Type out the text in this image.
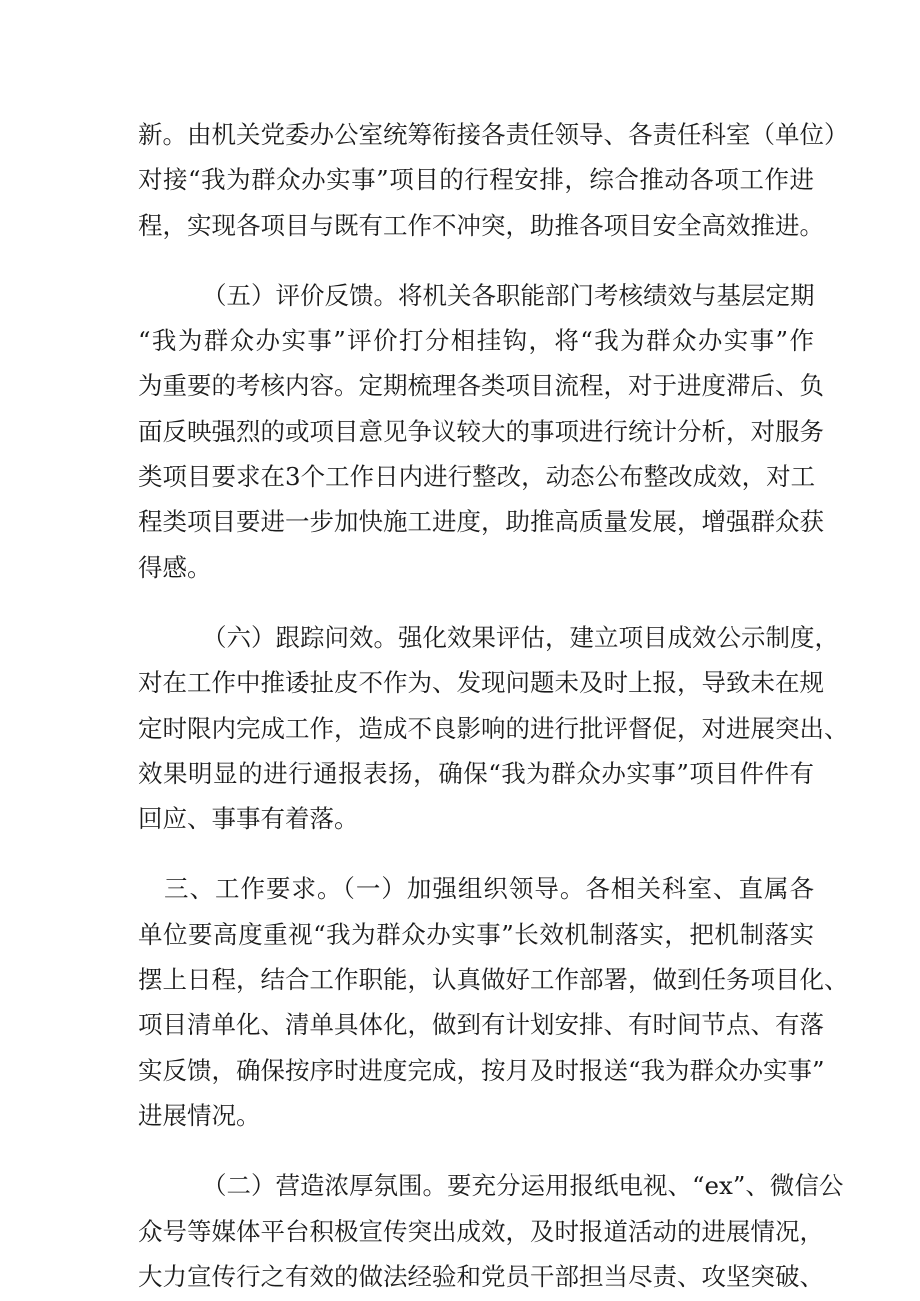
新。由机关党委办公室统筹衔接各责任领导、各责任科室（单位）
对接“我为群众办实事”项目的行程安排，综合推动各项工作进
程，实现各项目与既有工作不冲突，助推各项目安全高效推进。
（五）评价反馈。将机关各职能部门考核绩效与基层定期
“我为群众办实事”评价打分相挂钩，将“我为群众办实事”作
为重要的考核内容。定期梳理各类项目流程，对于进度滞后、负
面反映强烈的或项目意见争议较大的事项进行统计分析，对服务
类项目要求在3个工作日内进行整改，动态公布整改成效，对工
程类项目要进一步加快施工进度，助推高质量发展，增强群众获
得感。
（六）跟踪问效。强化效果评估，建立项目成效公示制度，
对在工作中推诿扯皮不作为、发现问题未及时上报，导致未在规
定时限内完成工作，造成不良影响的进行批评督促，对进展突出、
效果明显的进行通报表扬，确保“我为群众办实事”项目件件有
回应、事事有着落。
三、工作要求。（一）加强组织领导。各相关科室、直属各
单位要高度重视“我为群众办实事”长效机制落实，把机制落实
摆上日程，结合工作职能，认真做好工作部署，做到任务项目化、
项目清单化、清单具体化，做到有计划安排、有时间节点、有落
实反馈，确保按序时进度完成，按月及时报送“我为群众办实事”
进展情况。
（二）营造浓厚氛围。要充分运用报纸电视、“ex”、微信公
众号等媒体平台积极宣传突出成效，及时报道活动的进展情况，
大力宣传行之有效的做法经验和党员干部担当尽责、攻坚突破、
